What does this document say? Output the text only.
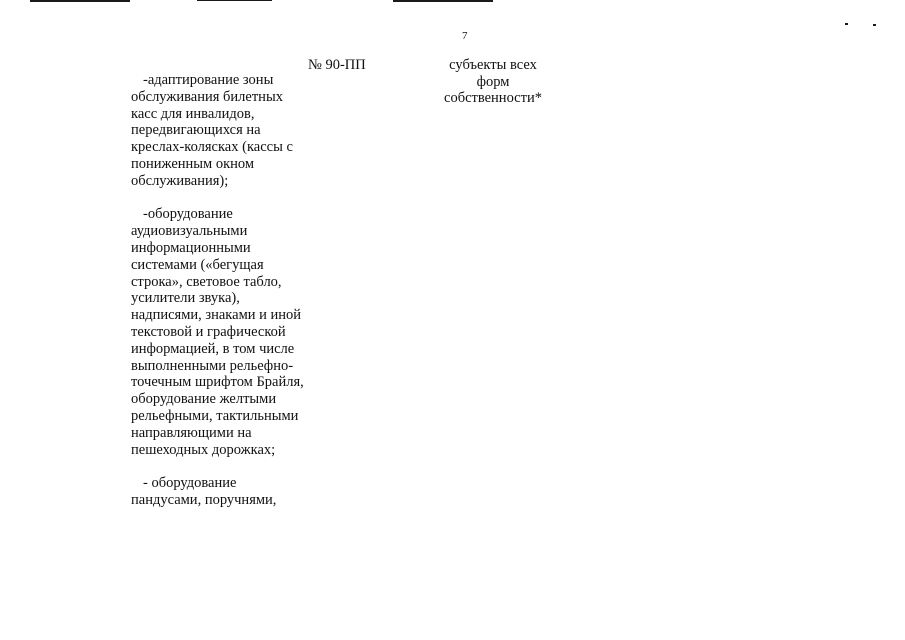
7

-адаптирование зоны обслуживания билетных касс для инвалидов, передвигающихся на креслах-колясках (кассы с пониженным окном обслуживания);

-оборудование аудиовизуальными информационными системами («бегущая строка», световое табло, усилители звука), надписями, знаками и иной текстовой и графической информацией, в том числе выполненными рельефно-точечным шрифтом Брайля, оборудование желтыми рельефными, тактильными направляющими на пешеходных дорожках;

- оборудование пандусами, поручнями,

№ 90-ПП	субъекты всех
форм
собственности*
